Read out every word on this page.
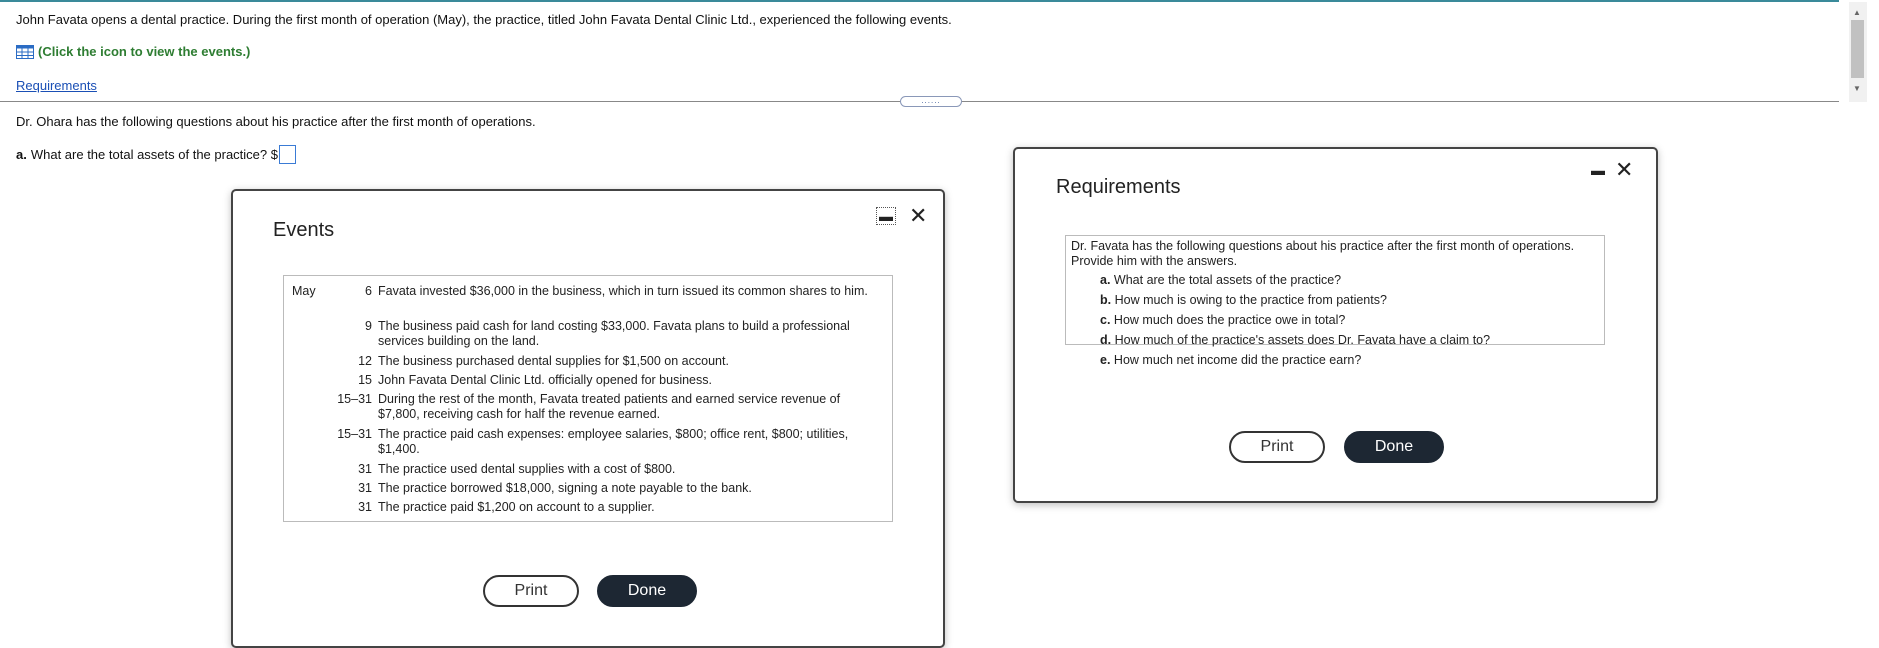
John Favata opens a dental practice. During the first month of operation (May), the practice, titled John Favata Dental Clinic Ltd., experienced the following events.
(Click the icon to view the events.)
Requirements
......
Dr. Ohara has the following questions about his practice after the first month of operations.
a. What are the total assets of the practice? $
▲
▼
Events
▬ ✕
May	6 Favata invested $36,000 in the business, which in turn issued its common shares to him.
9 The business paid cash for land costing $33,000. Favata plans to build a professional services building on the land.
12 The business purchased dental supplies for $1,500 on account.
15 John Favata Dental Clinic Ltd. officially opened for business.
15–31 During the rest of the month, Favata treated patients and earned service revenue of $7,800, receiving cash for half the revenue earned.
15–31 The practice paid cash expenses: employee salaries, $800; office rent, $800; utilities, $1,400.
31 The practice used dental supplies with a cost of $800.
31 The practice borrowed $18,000, signing a note payable to the bank.
31 The practice paid $1,200 on account to a supplier.
Print	Done
Requirements
▬ ✕
Dr. Favata has the following questions about his practice after the first month of operations. Provide him with the answers.
a. What are the total assets of the practice?
b. How much is owing to the practice from patients?
c. How much does the practice owe in total?
d. How much of the practice's assets does Dr. Favata have a claim to?
e. How much net income did the practice earn?
Print	Done
